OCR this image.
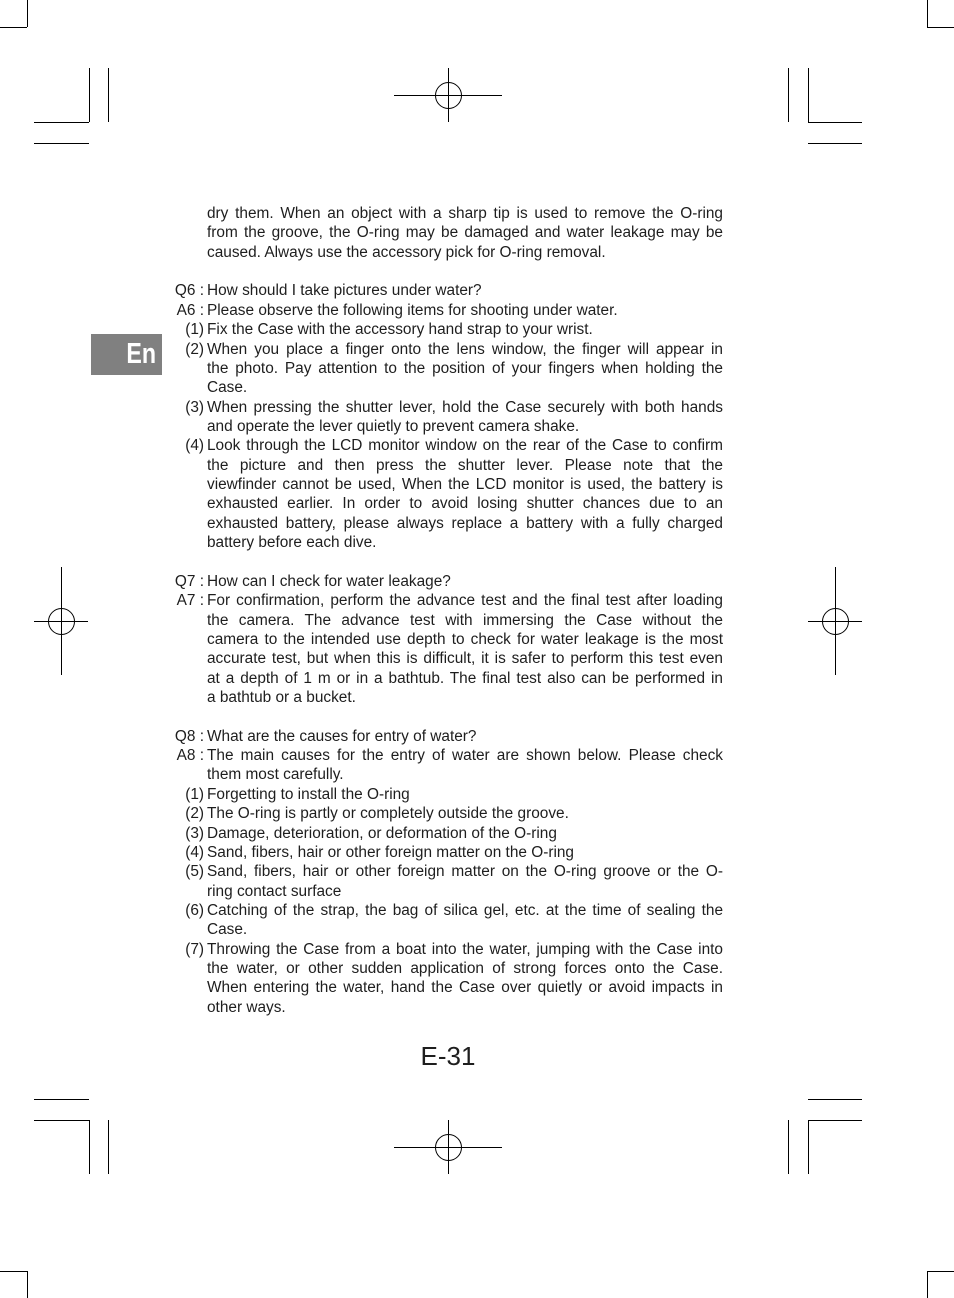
En
dry them. When an object with a sharp tip is used to remove the O-ring
from the groove, the O-ring may be damaged and water leakage may be
caused. Always use the accessory pick for O-ring removal.
Q6 : How should I take pictures under water?
A6 : Please observe the following items for shooting under water.
(1) Fix the Case with the accessory hand strap to your wrist.
(2) When you place a finger onto the lens window, the finger will appear in
the photo. Pay attention to the position of your fingers when holding the
Case.
(3) When pressing the shutter lever, hold the Case securely with both hands
and operate the lever quietly to prevent camera shake.
(4) Look through the LCD monitor window on the rear of the Case to confirm
the picture and then press the shutter lever. Please note that the
viewfinder cannot be used, When the LCD monitor is used, the battery is
exhausted earlier. In order to avoid losing shutter chances due to an
exhausted battery, please always replace a battery with a fully charged
battery before each dive.
Q7 : How can I check for water leakage?
A7 : For confirmation, perform the advance test and the final test after loading
the camera. The advance test with immersing the Case without the
camera to the intended use depth to check for water leakage is the most
accurate test, but when this is difficult, it is safer to perform this test even
at a depth of 1 m or in a bathtub. The final test also can be performed in
a bathtub or a bucket.
Q8 : What are the causes for entry of water?
A8 : The main causes for the entry of water are shown below. Please check
them most carefully.
(1) Forgetting to install the O-ring
(2) The O-ring is partly or completely outside the groove.
(3) Damage, deterioration, or deformation of the O-ring
(4) Sand, fibers, hair or other foreign matter on the O-ring
(5) Sand, fibers, hair or other foreign matter on the O-ring groove or the O-
ring contact surface
(6) Catching of the strap, the bag of silica gel, etc. at the time of sealing the
Case.
(7) Throwing the Case from a boat into the water, jumping with the Case into
the water, or other sudden application of strong forces onto the Case.
When entering the water, hand the Case over quietly or avoid impacts in
other ways.
E-31
